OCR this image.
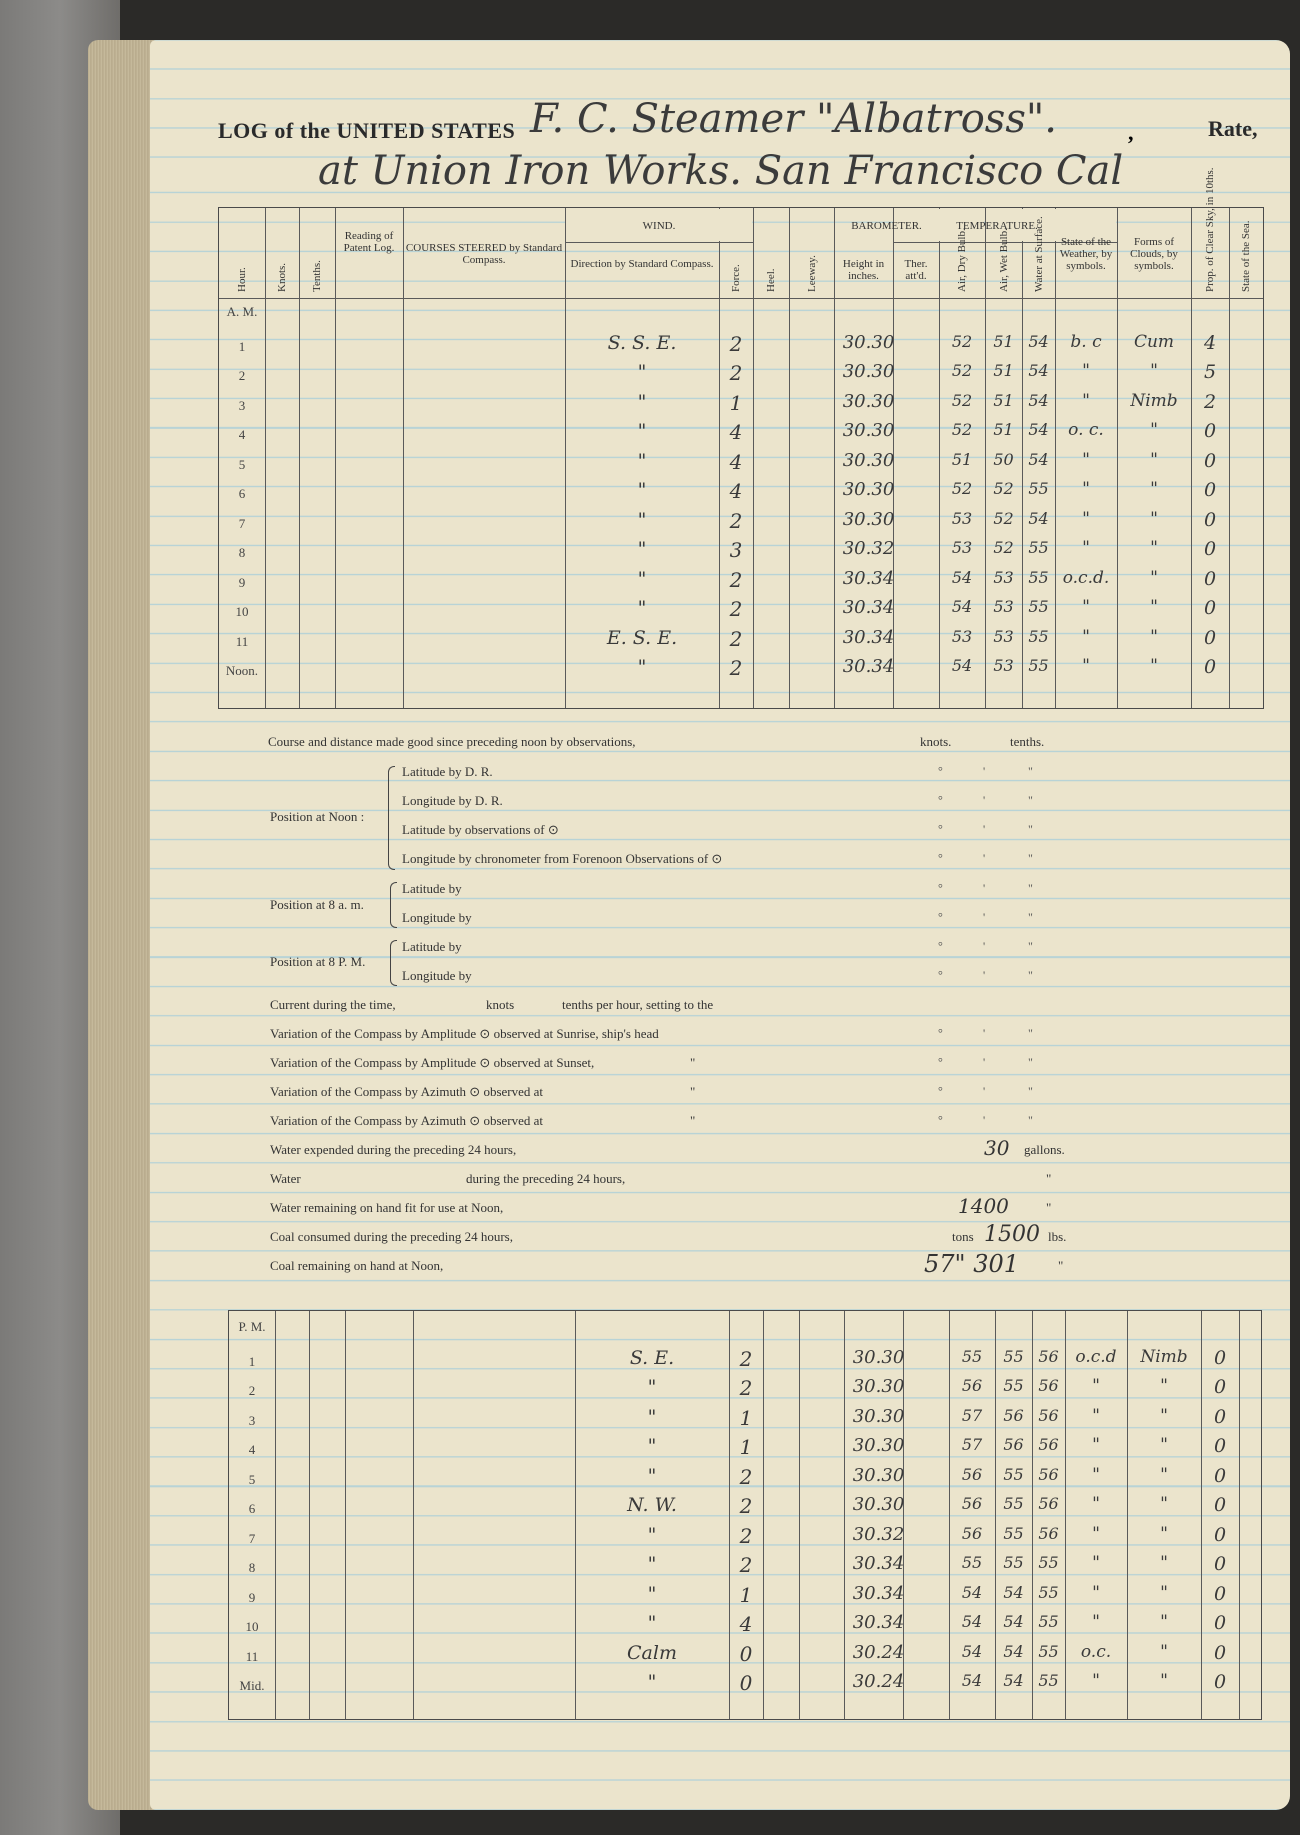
LOG of the UNITED STATES F. C. Steamer "Albatross".	,	Rate,
at Union Iron Works. San Francisco Cal
Hour.	Knots. Tenths.
Reading of Patent Log.	COURSES STEERED by Standard Compass.
WIND.
Direction by Standard Compass.
Force. Heel.	Leeway.
BAROMETER.
Height in inches.
Ther. att'd.
TEMPERATURE.
Air, Dry Bulb.	Air, Wet Bulb. Water at Surface.	State of the Weather, by symbols.
Forms of Clouds, by symbols.	Prop. of Clear Sky, in 10ths. State of the Sea.
A. M.
1	S. S. E.	2	30.30	52	51 54	b. c	Cum	4
2	"	2	30.30	52	51 54	"	"	5
3	"	1	30.30	52	51 54	"	Nimb	2
4	"	4	30.30	52	51 54	o. c.	"	0
5	"	4	30.30	51	50 54	"	"	0
6	"	4	30.30	52	52 55	"	"	0
7	"	2	30.30	53	52 54	"	"	0
8	"	3	30.32	53	52 55	"	"	0
9	"	2	30.34	54	53 55 o.c.d.	"	0
10	"	2	30.34	54	53 55	"	"	0
11	E. S. E.	2	30.34	53	53 55	"	"	0
Noon.	"	2	30.34	54	53 55	"	"	0
Course and distance made good since preceding noon by observations,	knots.	tenths.
Position at Noon :
Latitude by D. R.	°	'	"
Longitude by D. R.	°	'	"
Latitude by observations of ⊙	°	'	"
Longitude by chronometer from Forenoon Observations of ⊙	°	'	"
Position at 8 a. m.
Latitude by	°	'	"
Longitude by	°	'	"
Position at 8 P. M.
Latitude by	°	'	"
Longitude by	°	'	"
Current during the time,	knots	tenths per hour, setting to the
Variation of the Compass by Amplitude ⊙ observed at Sunrise, ship's head	°	'	"
Variation of the Compass by Amplitude ⊙ observed at Sunset,	"	°	'	"
Variation of the Compass by Azimuth ⊙ observed at	"	°	'	"
Variation of the Compass by Azimuth ⊙ observed at	"	°	'	"
Water expended during the preceding 24 hours,	30 gallons.
Water	during the preceding 24 hours,	"
Water remaining on hand fit for use at Noon,	1400	"
Coal consumed during the preceding 24 hours,	tons 1500 lbs.
Coal remaining on hand at Noon,	57" 301	"
P. M.
1	S. E.	2	30.30	55	55 56 o.c.d	Nimb	0
2	"	2	30.30	56	55 56	"	"	0
3	"	1	30.30	57	56 56	"	"	0
4	"	1	30.30	57	56 56	"	"	0
5	"	2	30.30	56	55 56	"	"	0
6	N. W.	2	30.30	56	55 56	"	"	0
7	"	2	30.32	56	55 56	"	"	0
8	"	2	30.34	55	55 55	"	"	0
9	"	1	30.34	54	54 55	"	"	0
10	"	4	30.34	54	54 55	"	"	0
11	Calm	0	30.24	54	54 55	o.c.	"	0
Mid.	"	0	30.24	54	54 55	"	"	0
